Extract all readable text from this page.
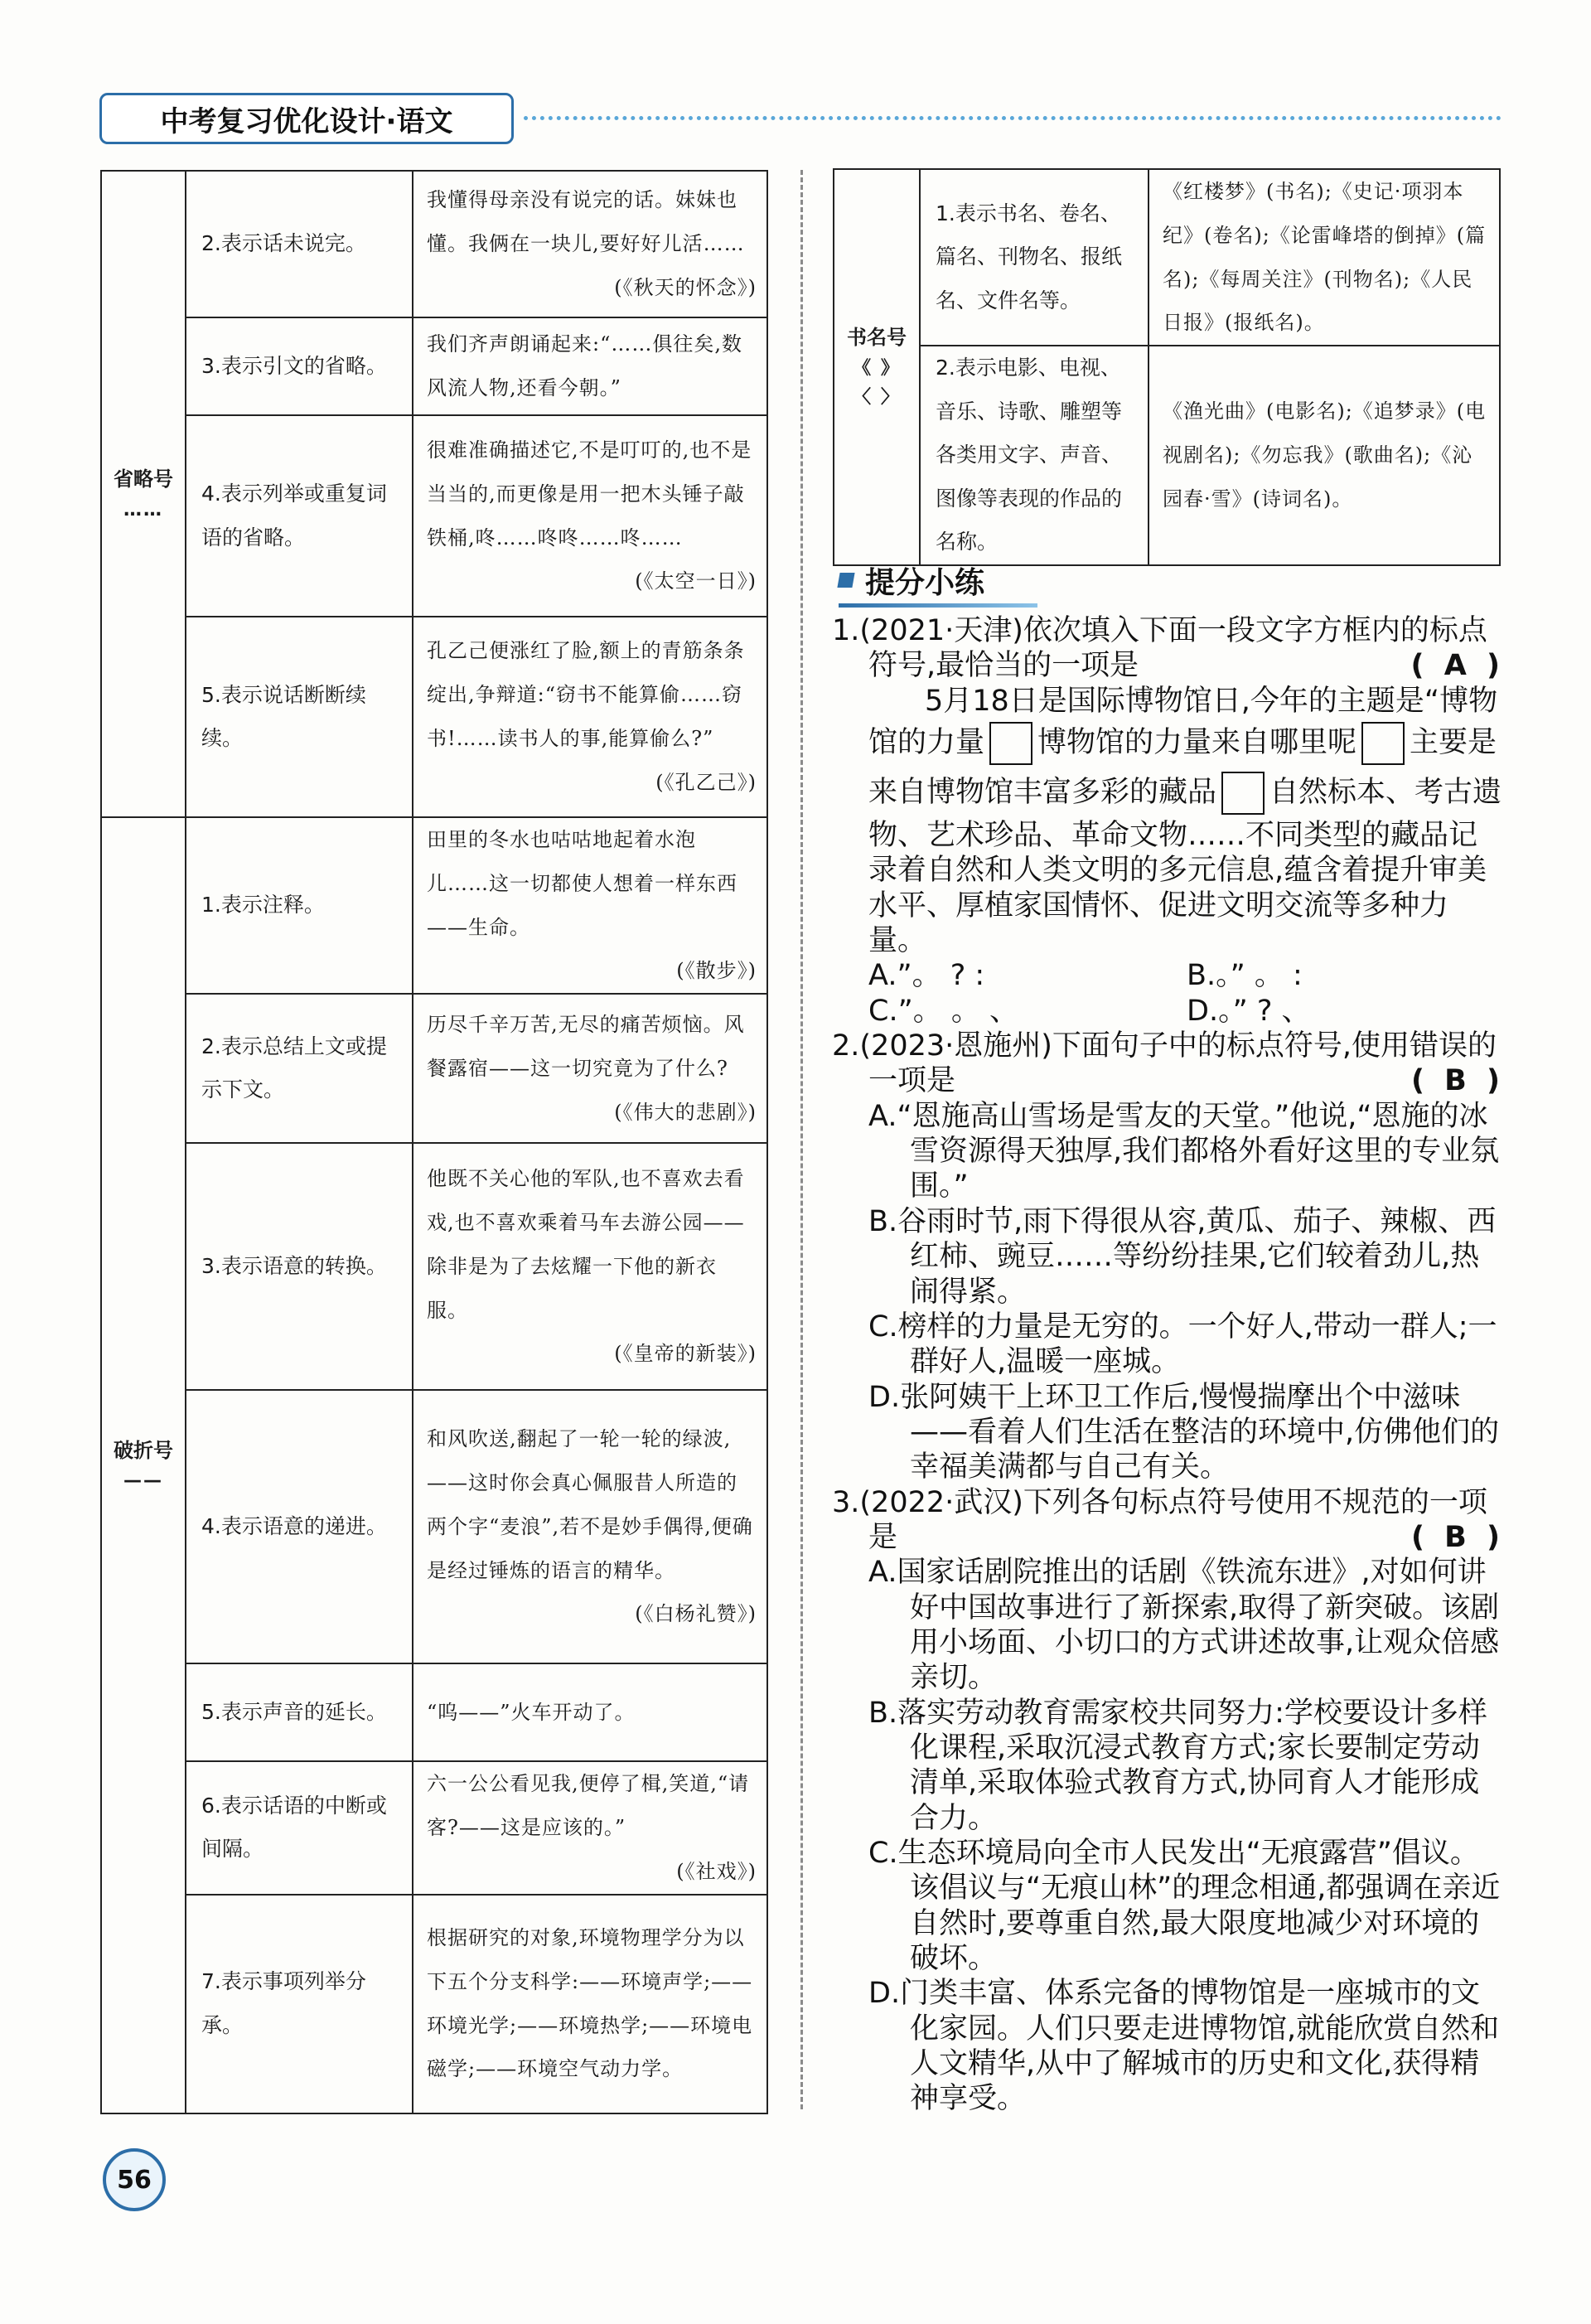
中考复习优化设计·语文
省略号
……	2.表示话未说完。	我懂得母亲没有说完的话。妹妹也懂。我俩在一块儿,要好好儿活……
(《秋天的怀念》)

	3.表示引文的省略。	我们齐声朗诵起来:“……俱往矣,数风流人物,还看今朝。”
	4.表示列举或重复词语的省略。	很难准确描述它,不是叮叮的,也不是当当的,而更像是用一把木头锤子敲铁桶,咚……咚咚……咚……
(《太空一日》)

	5.表示说话断断续续。	孔乙己便涨红了脸,额上的青筋条条绽出,争辩道:“窃书不能算偷……窃书!……读书人的事,能算偷么?”
(《孔乙己》)

破折号
——	1.表示注释。	田里的冬水也咕咕地起着水泡儿……这一切都使人想着一样东西——生命。
(《散步》)

	2.表示总结上文或提示下文。	历尽千辛万苦,无尽的痛苦烦恼。风餐露宿——这一切究竟为了什么?
(《伟大的悲剧》)

	3.表示语意的转换。	他既不关心他的军队,也不喜欢去看戏,也不喜欢乘着马车去游公园——除非是为了去炫耀一下他的新衣服。
(《皇帝的新装》)

	4.表示语意的递进。	和风吹送,翻起了一轮一轮的绿波,——这时你会真心佩服昔人所造的两个字“麦浪”,若不是妙手偶得,便确是经过锤炼的语言的精华。
(《白杨礼赞》)

	5.表示声音的延长。	“呜——”火车开动了。
	6.表示话语的中断或间隔。	六一公公看见我,便停了楫,笑道,“请客?——这是应该的。”
(《社戏》)

	7.表示事项列举分承。	根据研究的对象,环境物理学分为以下五个分支科学:——环境声学;——环境光学;——环境热学;——环境电磁学;——环境空气动力学。
书名号
《 》
〈 〉	1.表示书名、卷名、篇名、刊物名、报纸名、文件名等。	《红楼梦》(书名);《史记·项羽本纪》(卷名);《论雷峰塔的倒掉》(篇名);《每周关注》(刊物名);《人民日报》(报纸名)。
	2.表示电影、电视、音乐、诗歌、雕塑等各类用文字、声音、图像等表现的作品的名称。	《渔光曲》(电影名);《追梦录》(电视剧名);《勿忘我》(歌曲名);《沁园春·雪》(诗词名)。
提分小练
1.(2021·天津)依次填入下面一段文字方框内的标点符号,最恰当的一项是	( A )
5月18日是国际博物馆日,今年的主题是“博物馆的力量 博物馆的力量来自哪里呢 主要是来自博物馆丰富多彩的藏品 自然标本、考古遗物、艺术珍品、革命文物……不同类型的藏品记录着自然和人类文明的多元信息,蕴含着提升审美水平、厚植家国情怀、促进文明交流等多种力量。
A.”。 ? :	B.。” 。 :
C.”。 。 、	D.。” ? 、
2.(2023·恩施州)下面句子中的标点符号,使用错误的一项是	( B )
A.“恩施高山雪场是雪友的天堂。”他说,“恩施的冰雪资源得天独厚,我们都格外看好这里的专业氛围。”
B.谷雨时节,雨下得很从容,黄瓜、茄子、辣椒、西红柿、豌豆……等纷纷挂果,它们较着劲儿,热闹得紧。
C.榜样的力量是无穷的。一个好人,带动一群人;一群好人,温暖一座城。
D.张阿姨干上环卫工作后,慢慢揣摩出个中滋味——看着人们生活在整洁的环境中,仿佛他们的幸福美满都与自己有关。
3.(2022·武汉)下列各句标点符号使用不规范的一项是	( B )
A.国家话剧院推出的话剧《铁流东进》,对如何讲好中国故事进行了新探索,取得了新突破。该剧用小场面、小切口的方式讲述故事,让观众倍感亲切。
B.落实劳动教育需家校共同努力:学校要设计多样化课程,采取沉浸式教育方式;家长要制定劳动清单,采取体验式教育方式,协同育人才能形成合力。
C.生态环境局向全市人民发出“无痕露营”倡议。该倡议与“无痕山林”的理念相通,都强调在亲近自然时,要尊重自然,最大限度地减少对环境的破坏。
D.门类丰富、体系完备的博物馆是一座城市的文化家园。人们只要走进博物馆,就能欣赏自然和人文精华,从中了解城市的历史和文化,获得精神享受。
56
